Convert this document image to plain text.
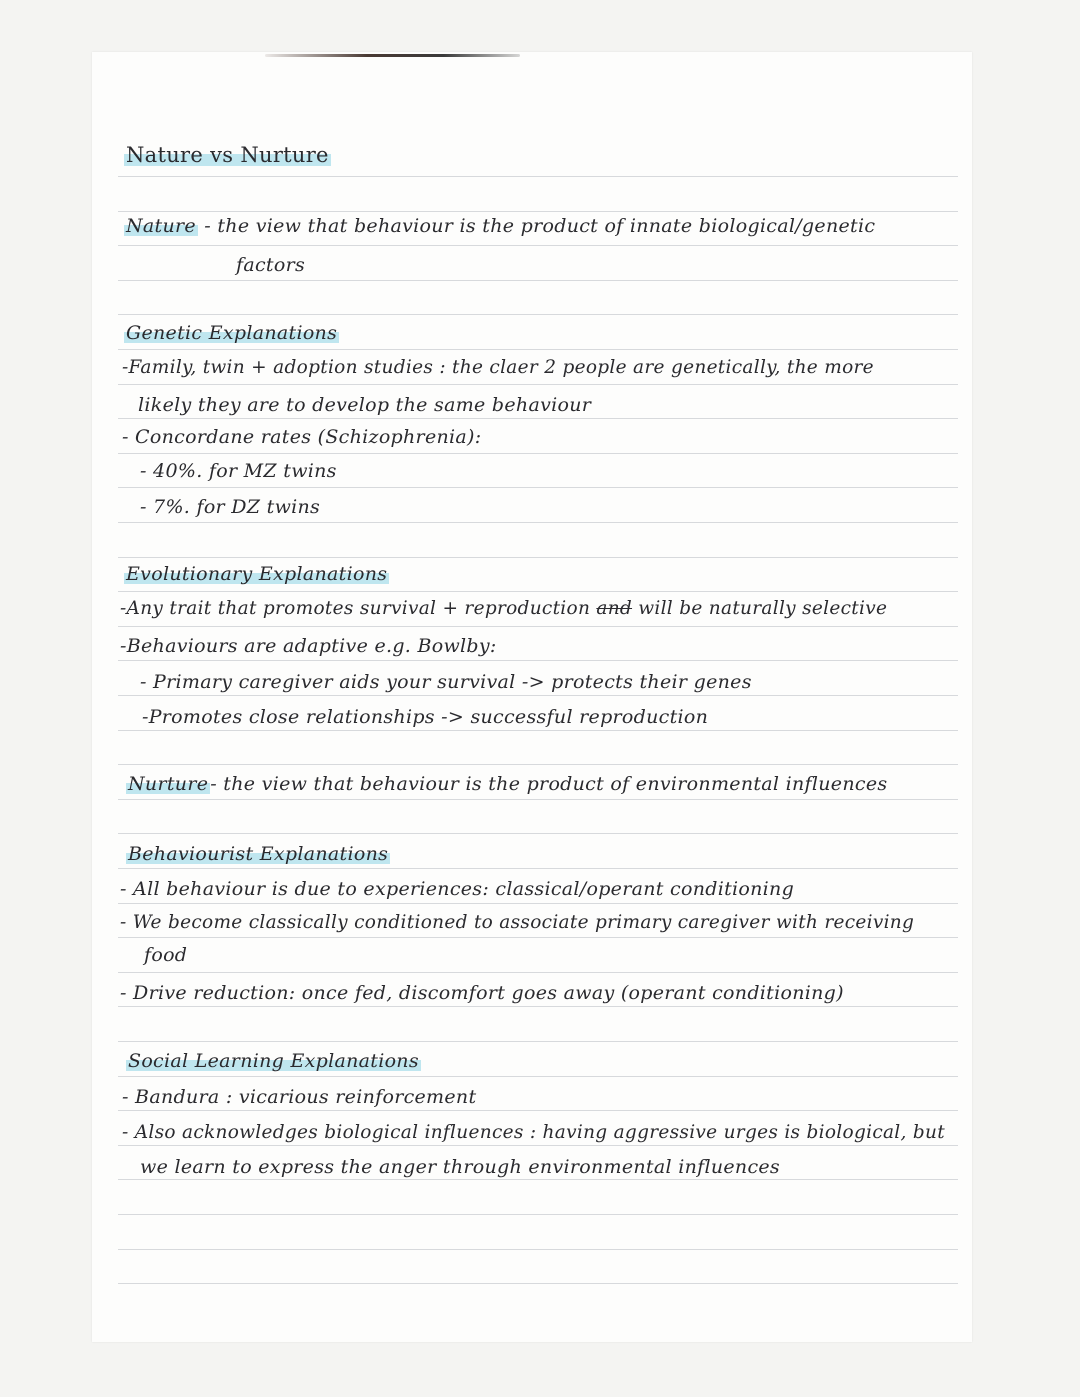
Nature vs Nurture
Nature - the view that behaviour is the product of innate biological/genetic
factors
Genetic Explanations
-Family, twin + adoption studies : the claer 2 people are genetically, the more
likely they are to develop the same behaviour
- Concordane rates (Schizophrenia):
- 40%. for MZ twins
- 7%. for DZ twins
Evolutionary Explanations
-Any trait that promotes survival + reproduction and will be naturally selective
-Behaviours are adaptive e.g. Bowlby:
- Primary caregiver aids your survival -> protects their genes
-Promotes close relationships -> successful reproduction
Nurture - the view that behaviour is the product of environmental influences
Behaviourist Explanations
- All behaviour is due to experiences: classical/operant conditioning
- We become classically conditioned to associate primary caregiver with receiving
food
- Drive reduction: once fed, discomfort goes away (operant conditioning)
Social Learning Explanations
- Bandura : vicarious reinforcement
- Also acknowledges biological influences : having aggressive urges is biological, but
we learn to express the anger through environmental influences
